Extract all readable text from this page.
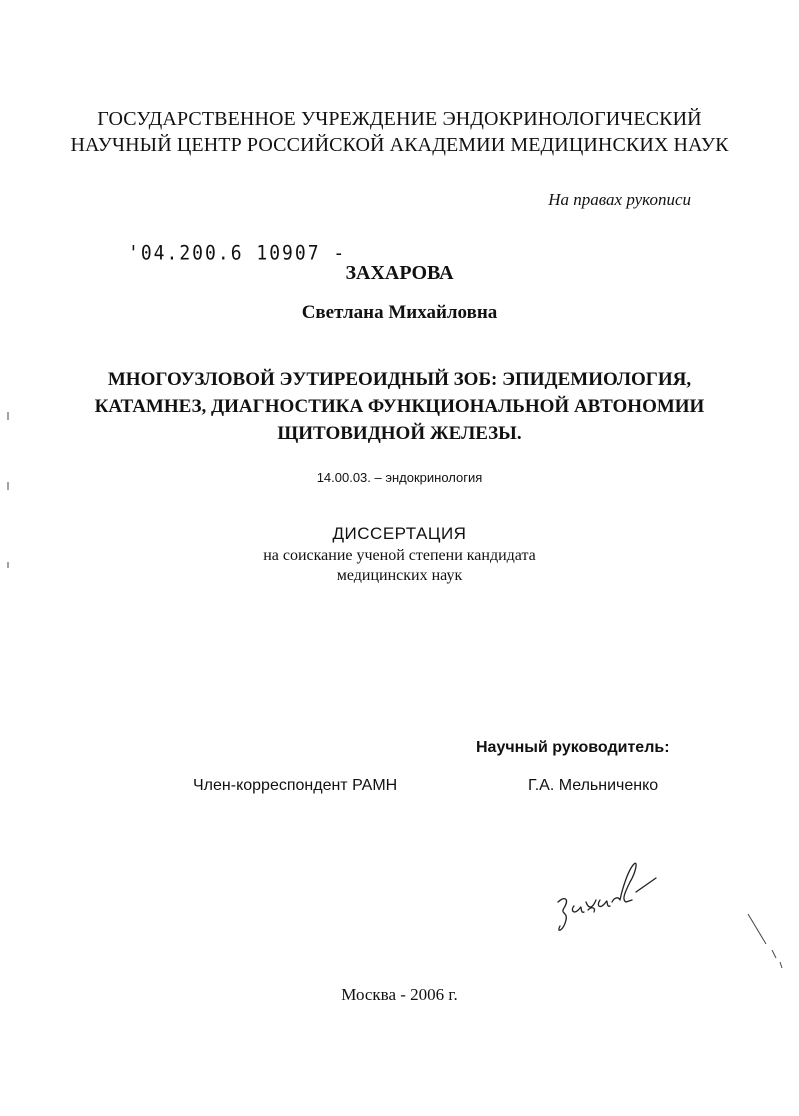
ГОСУДАРСТВЕННОЕ УЧРЕЖДЕНИЕ ЭНДОКРИНОЛОГИЧЕСКИЙ
НАУЧНЫЙ ЦЕНТР РОССИЙСКОЙ АКАДЕМИИ МЕДИЦИНСКИХ НАУК
На правах рукописи
'04.200.6 10907 -
ЗАХАРОВА
Светлана Михайловна
МНОГОУЗЛОВОЙ ЭУТИРЕОИДНЫЙ ЗОБ: ЭПИДЕМИОЛОГИЯ,
КАТАМНЕЗ, ДИАГНОСТИКА ФУНКЦИОНАЛЬНОЙ АВТОНОМИИ
ЩИТОВИДНОЙ ЖЕЛЕЗЫ.
14.00.03. – эндокринология
ДИССЕРТАЦИЯ
на соискание ученой степени кандидата
медицинских наук
Научный руководитель:
Член-корреспондент РАМН	Г.А. Мельниченко
Москва - 2006 г.
